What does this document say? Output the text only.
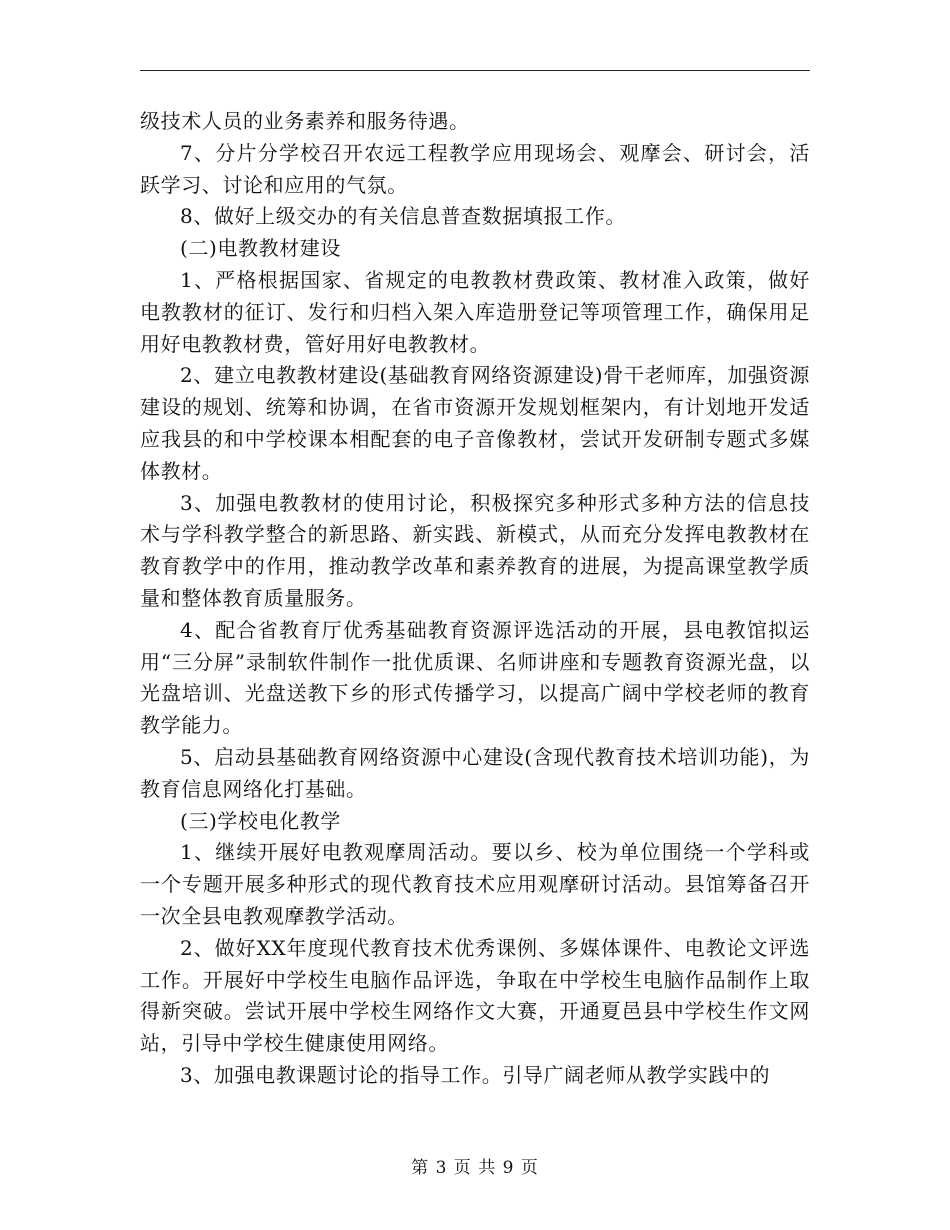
级技术人员的业务素养和服务待遇。

7、分片分学校召开农远工程教学应用现场会、观摩会、研讨会，活跃学习、讨论和应用的气氛。

8、做好上级交办的有关信息普查数据填报工作。

(二)电教教材建设

1、严格根据国家、省规定的电教教材费政策、教材准入政策，做好电教教材的征订、发行和归档入架入库造册登记等项管理工作，确保用足用好电教教材费，管好用好电教教材。

2、建立电教教材建设(基础教育网络资源建设)骨干老师库，加强资源建设的规划、统筹和协调，在省市资源开发规划框架内，有计划地开发适应我县的和中学校课本相配套的电子音像教材，尝试开发研制专题式多媒体教材。

3、加强电教教材的使用讨论，积极探究多种形式多种方法的信息技术与学科教学整合的新思路、新实践、新模式，从而充分发挥电教教材在教育教学中的作用，推动教学改革和素养教育的进展，为提高课堂教学质量和整体教育质量服务。

4、配合省教育厅优秀基础教育资源评选活动的开展，县电教馆拟运用“三分屏”录制软件制作一批优质课、名师讲座和专题教育资源光盘，以光盘培训、光盘送教下乡的形式传播学习，以提高广阔中学校老师的教育教学能力。

5、启动县基础教育网络资源中心建设(含现代教育技术培训功能)，为教育信息网络化打基础。

(三)学校电化教学

1、继续开展好电教观摩周活动。要以乡、校为单位围绕一个学科或一个专题开展多种形式的现代教育技术应用观摩研讨活动。县馆筹备召开一次全县电教观摩教学活动。

2、做好XX年度现代教育技术优秀课例、多媒体课件、电教论文评选工作。开展好中学校生电脑作品评选，争取在中学校生电脑作品制作上取得新突破。尝试开展中学校生网络作文大赛，开通夏邑县中学校生作文网站，引导中学校生健康使用网络。

3、加强电教课题讨论的指导工作。引导广阔老师从教学实践中的

第 3 页 共 9 页
